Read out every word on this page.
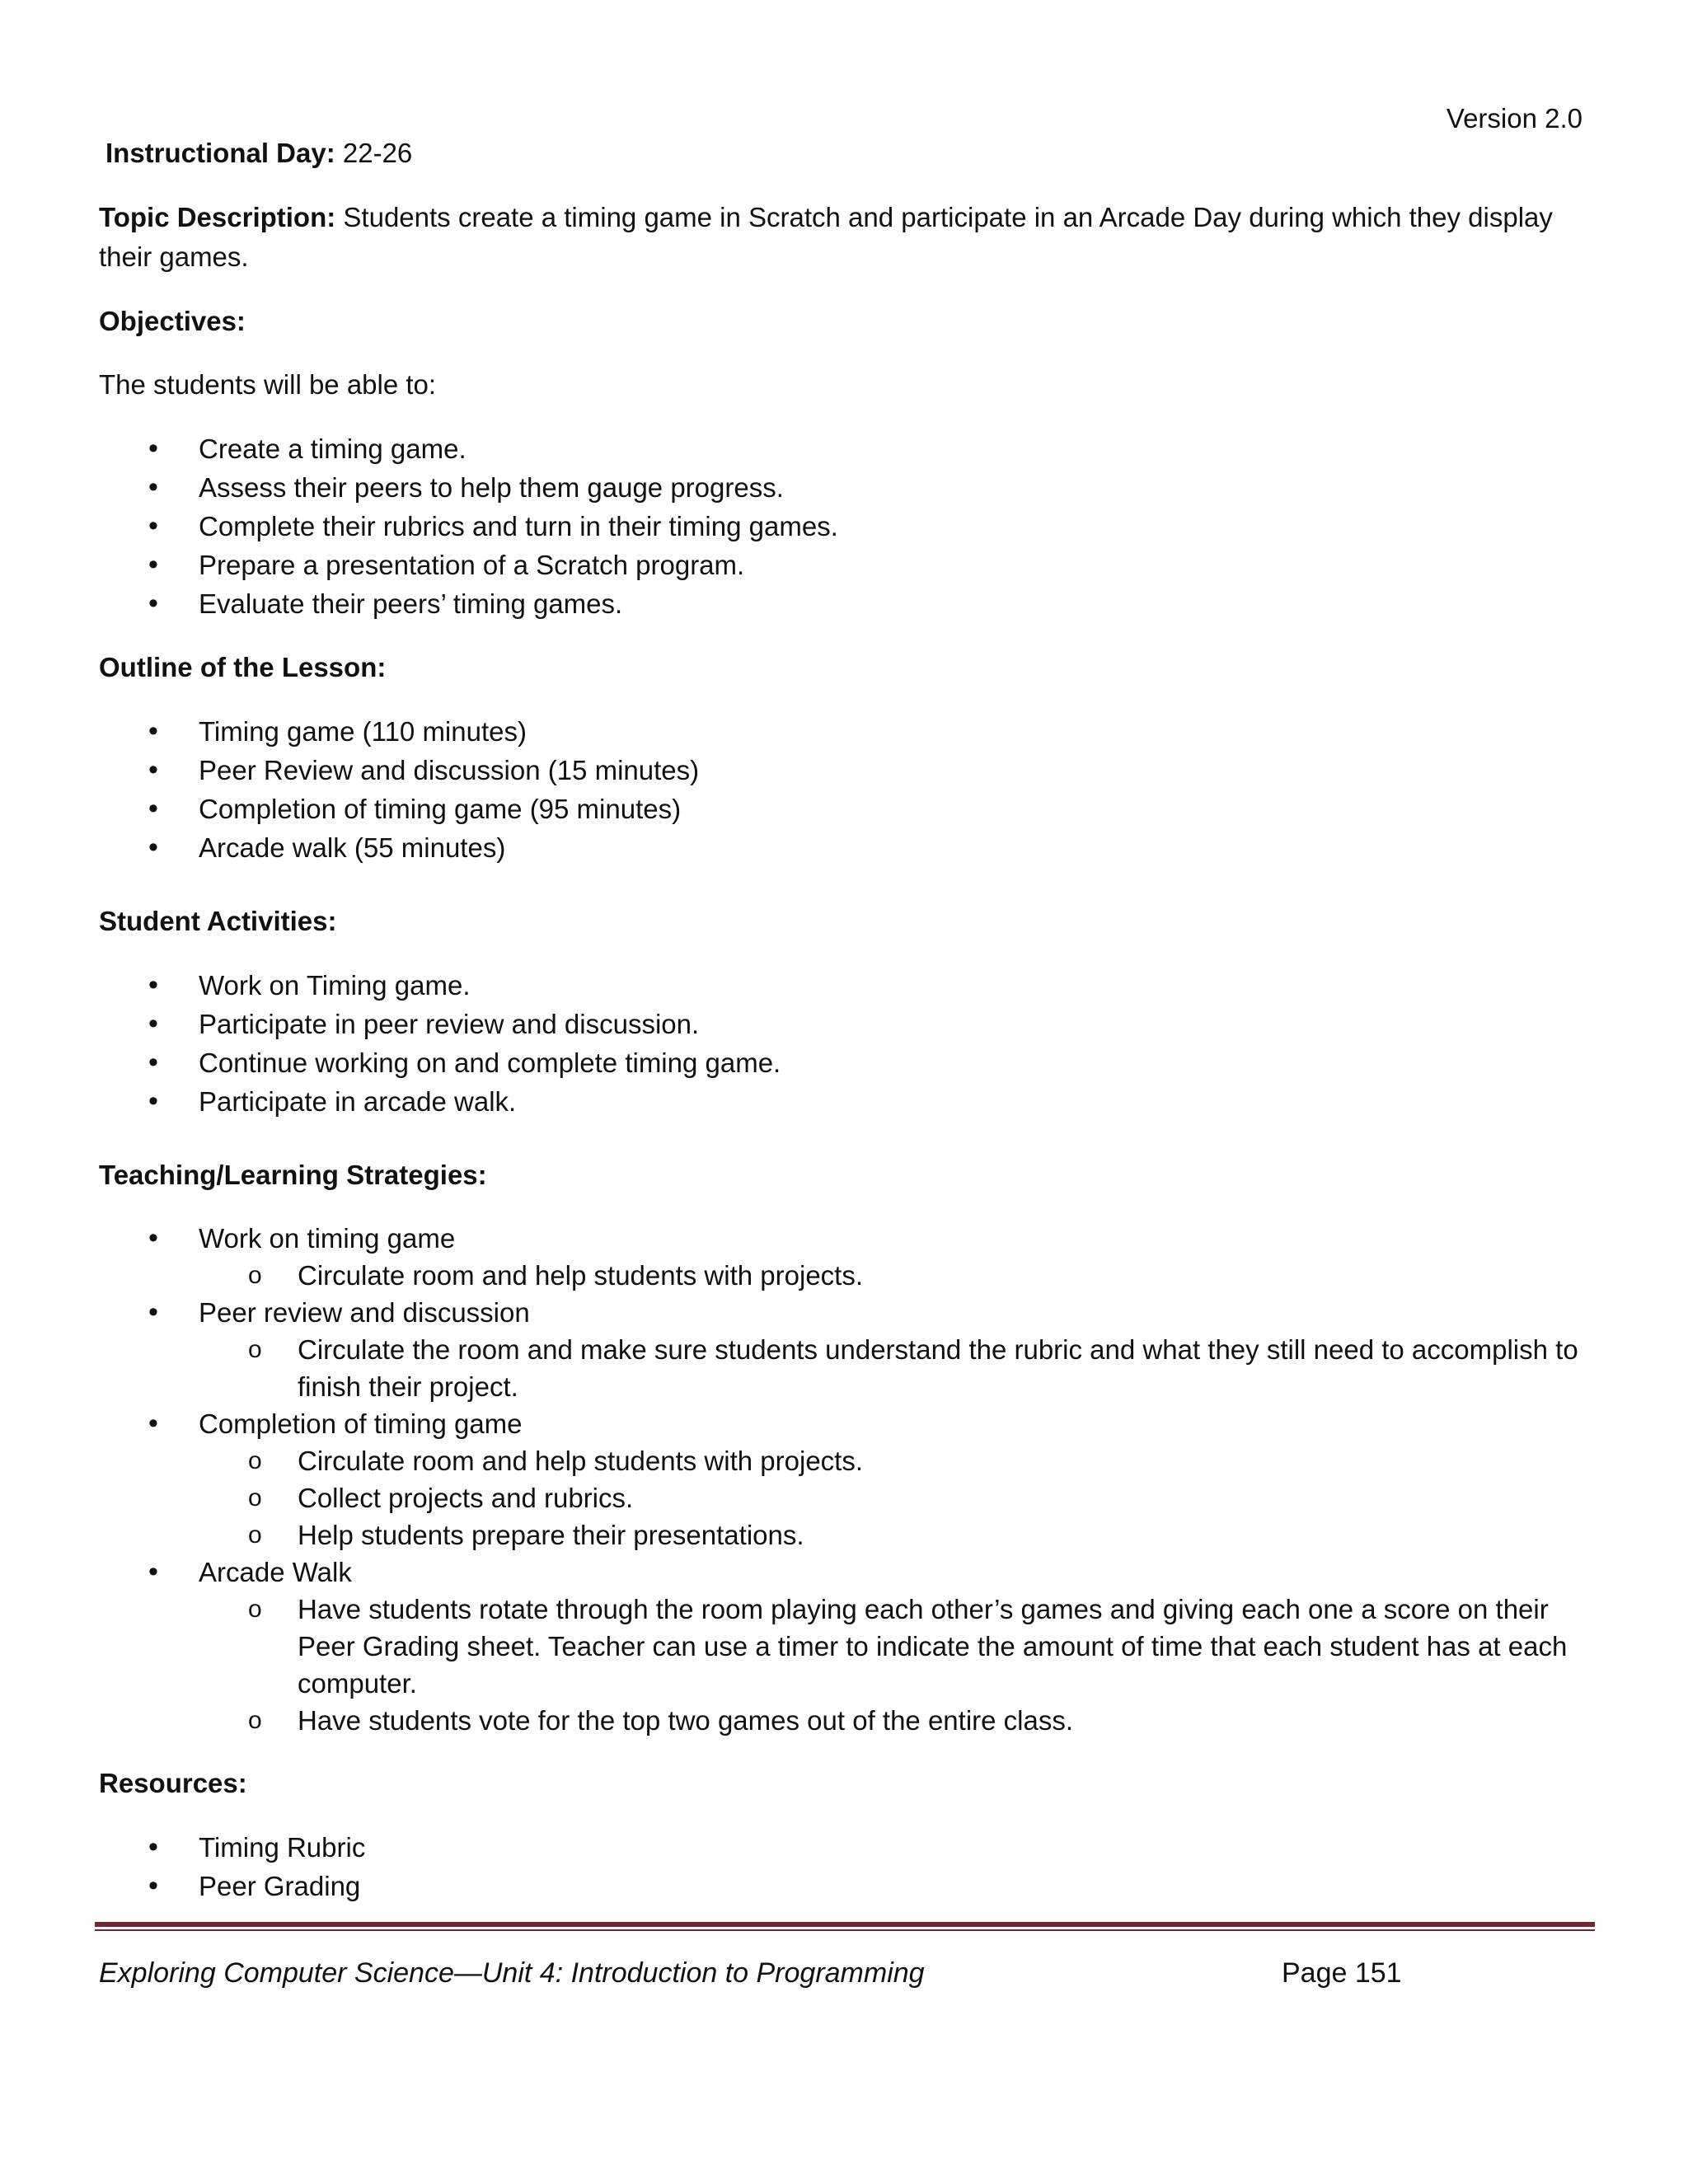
Version 2.0

Instructional Day: 22-26

Topic Description: Students create a timing game in Scratch and participate in an Arcade Day during which they display their games.

Objectives:

The students will be able to:

• Create a timing game.
• Assess their peers to help them gauge progress.
• Complete their rubrics and turn in their timing games.
• Prepare a presentation of a Scratch program.
• Evaluate their peers’ timing games.

Outline of the Lesson:

• Timing game (110 minutes)
• Peer Review and discussion (15 minutes)
• Completion of timing game (95 minutes)
• Arcade walk (55 minutes)

Student Activities:

• Work on Timing game.
• Participate in peer review and discussion.
• Continue working on and complete timing game.
• Participate in arcade walk.

Teaching/Learning Strategies:

• Work on timing game
o Circulate room and help students with projects.
• Peer review and discussion
o Circulate the room and make sure students understand the rubric and what they still need to accomplish to finish their project.
• Completion of timing game
o Circulate room and help students with projects.
o Collect projects and rubrics.
o Help students prepare their presentations.
• Arcade Walk
o Have students rotate through the room playing each other’s games and giving each one a score on their Peer Grading sheet. Teacher can use a timer to indicate the amount of time that each student has at each computer.
o Have students vote for the top two games out of the entire class.

Resources:

• Timing Rubric
• Peer Grading
Exploring Computer Science—Unit 4: Introduction to Programming	Page 151
